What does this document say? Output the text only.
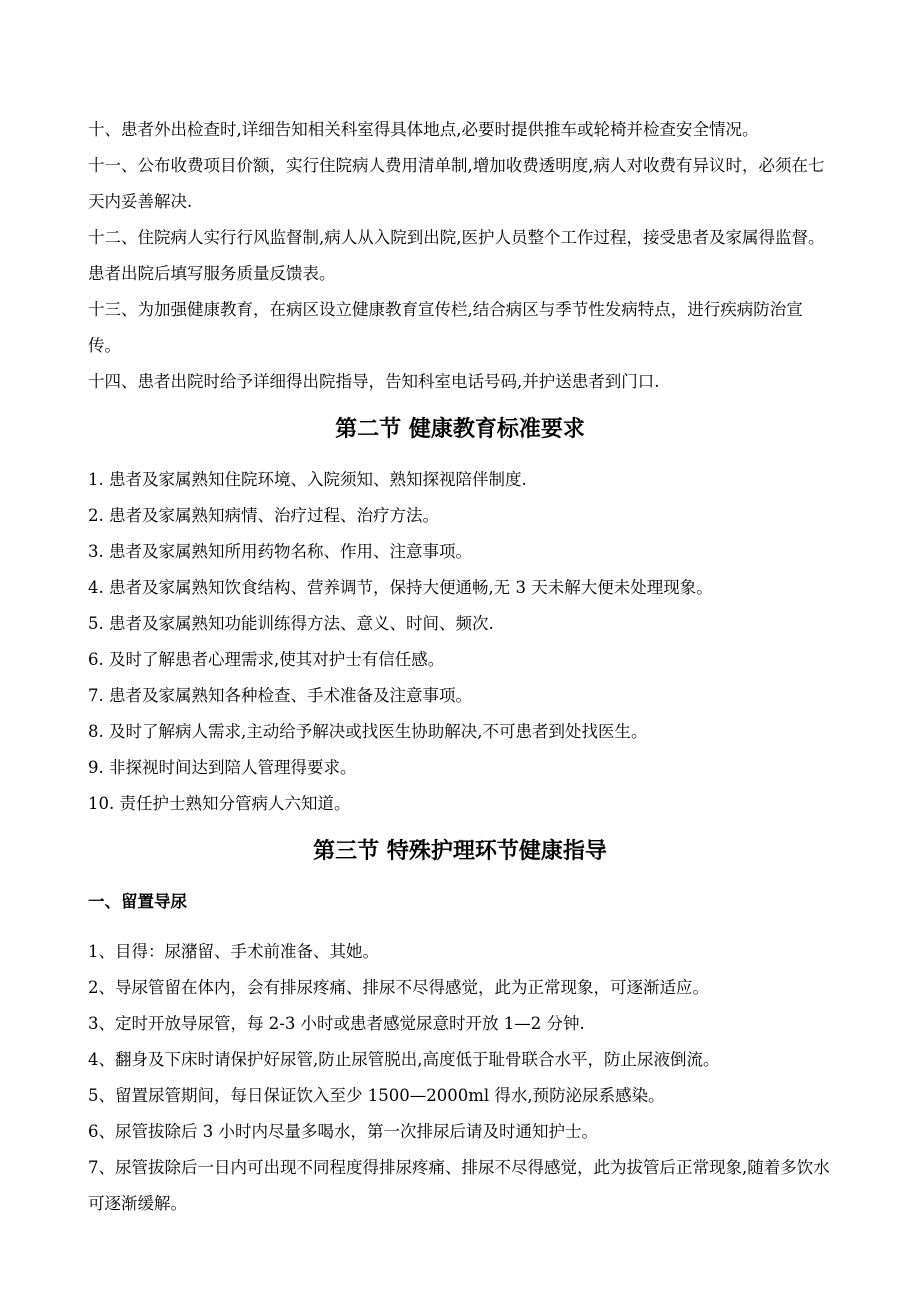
十、患者外出检查时,详细告知相关科室得具体地点,必要时提供推车或轮椅并检查安全情况。
十一、公布收费项目价额，实行住院病人费用清单制,增加收费透明度,病人对收费有异议时，必须在七天内妥善解决.
十二、住院病人实行行风监督制,病人从入院到出院,医护人员整个工作过程，接受患者及家属得监督。患者出院后填写服务质量反馈表。
十三、为加强健康教育，在病区设立健康教育宣传栏,结合病区与季节性发病特点，进行疾病防治宣传。
十四、患者出院时给予详细得出院指导，告知科室电话号码,并护送患者到门口.
第二节 健康教育标准要求
1. 患者及家属熟知住院环境、入院须知、熟知探视陪伴制度.
2. 患者及家属熟知病情、治疗过程、治疗方法。
3. 患者及家属熟知所用药物名称、作用、注意事项。
4. 患者及家属熟知饮食结构、营养调节，保持大便通畅,无 3 天未解大便未处理现象。
5. 患者及家属熟知功能训练得方法、意义、时间、频次.
6. 及时了解患者心理需求,使其对护士有信任感。
7. 患者及家属熟知各种检查、手术准备及注意事项。
8. 及时了解病人需求,主动给予解决或找医生协助解决,不可患者到处找医生。
9. 非探视时间达到陪人管理得要求。
10. 责任护士熟知分管病人六知道。
第三节 特殊护理环节健康指导
一、留置导尿
1、目得：尿潴留、手术前准备、其她。
2、导尿管留在体内，会有排尿疼痛、排尿不尽得感觉，此为正常现象，可逐渐适应。
3、定时开放导尿管，每 2-3 小时或患者感觉尿意时开放 1—2 分钟.
4、翻身及下床时请保护好尿管,防止尿管脱出,高度低于耻骨联合水平，防止尿液倒流。
5、留置尿管期间，每日保证饮入至少 1500—2000ml 得水,预防泌尿系感染。
6、尿管拔除后 3 小时内尽量多喝水，第一次排尿后请及时通知护士。
7、尿管拔除后一日内可出现不同程度得排尿疼痛、排尿不尽得感觉，此为拔管后正常现象,随着多饮水可逐渐缓解。
